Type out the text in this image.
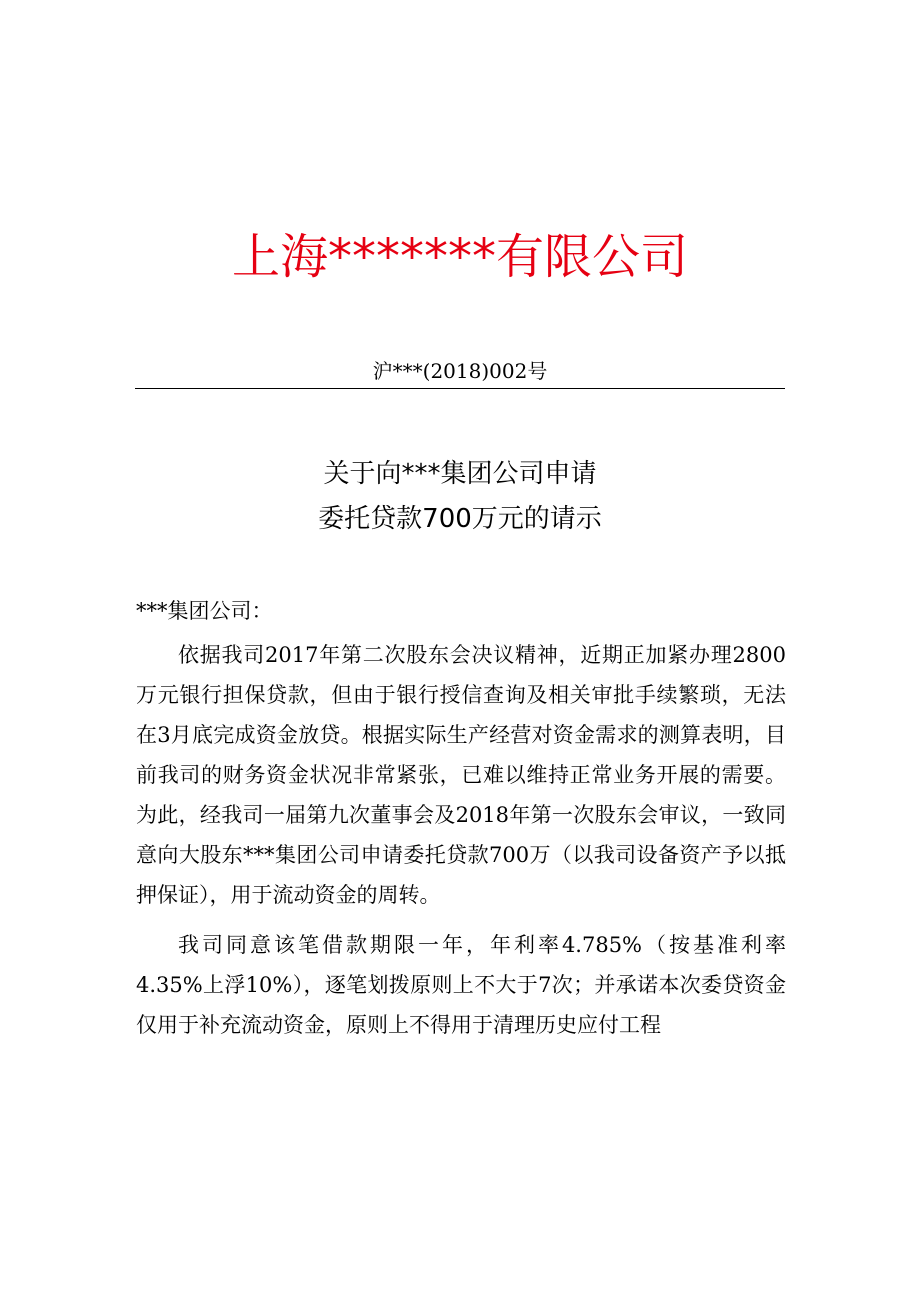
上海*******有限公司
沪***(2018)002号
关于向***集团公司申请
委托贷款700万元的请示
***集团公司：

依据我司2017年第二次股东会决议精神，近期正加紧办理2800万元银行担保贷款，但由于银行授信查询及相关审批手续繁琐，无法在3月底完成资金放贷。根据实际生产经营对资金需求的测算表明，目前我司的财务资金状况非常紧张，已难以维持正常业务开展的需要。为此，经我司一届第九次董事会及2018年第一次股东会审议，一致同意向大股东***集团公司申请委托贷款700万（以我司设备资产予以抵押保证），用于流动资金的周转。

我司同意该笔借款期限一年，年利率4.785%（按基准利率4.35%上浮10%），逐笔划拨原则上不大于7次；并承诺本次委贷资金仅用于补充流动资金，原则上不得用于清理历史应付工程
